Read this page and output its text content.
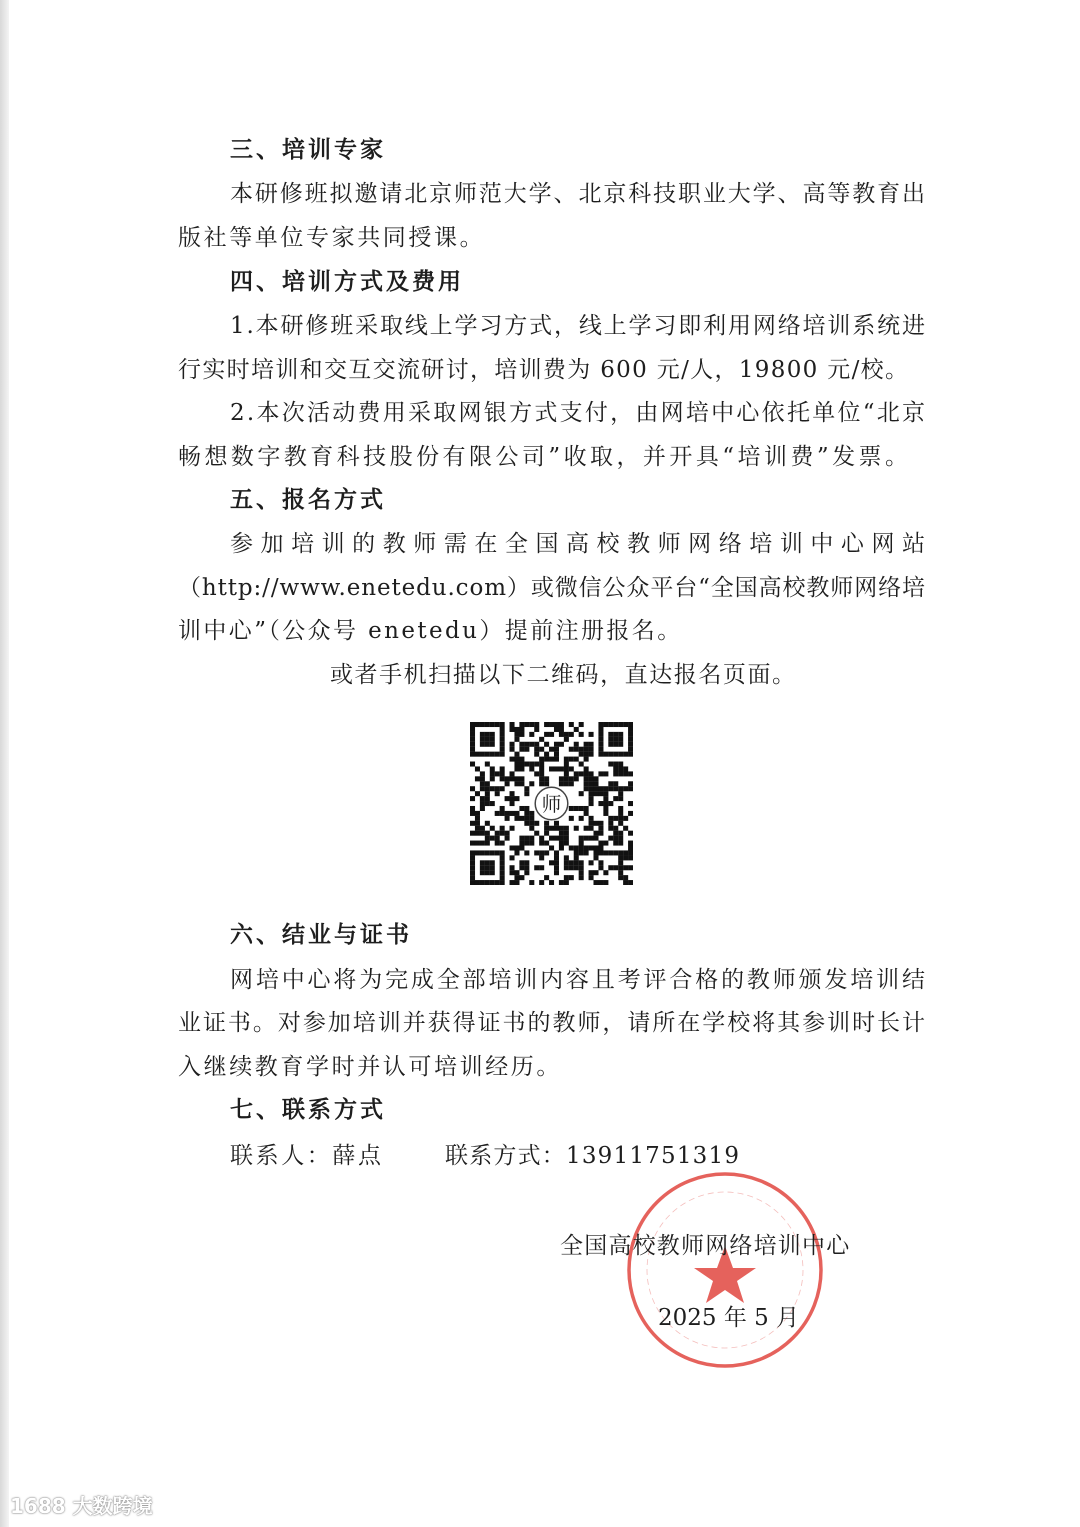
三、培训专家
本研修班拟邀请北京师范大学、北京科技职业大学、高等教育出
版社等单位专家共同授课。
四、培训方式及费用
1.本研修班采取线上学习方式，线上学习即利用网络培训系统进
行实时培训和交互交流研讨，培训费为 600 元/人，19800 元/校。
2.本次活动费用采取网银方式支付，由网培中心依托单位“北京
畅想数字教育科技股份有限公司”收取，并开具“培训费”发票。
五、报名方式
参加培训的教师需在全国高校教师网络培训中心网站
（http://www.enetedu.com）或微信公众平台“全国高校教师网络培
训中心”（公众号 enetedu）提前注册报名。
或者手机扫描以下二维码，直达报名页面。
师
六、结业与证书
网培中心将为完成全部培训内容且考评合格的教师颁发培训结
业证书。对参加培训并获得证书的教师，请所在学校将其参训时长计
入继续教育学时并认可培训经历。
七、联系方式
联系人：薛点	联系方式：13911751319
全国高校教师网络培训中心
2025 年 5 月
1688 大数跨境
